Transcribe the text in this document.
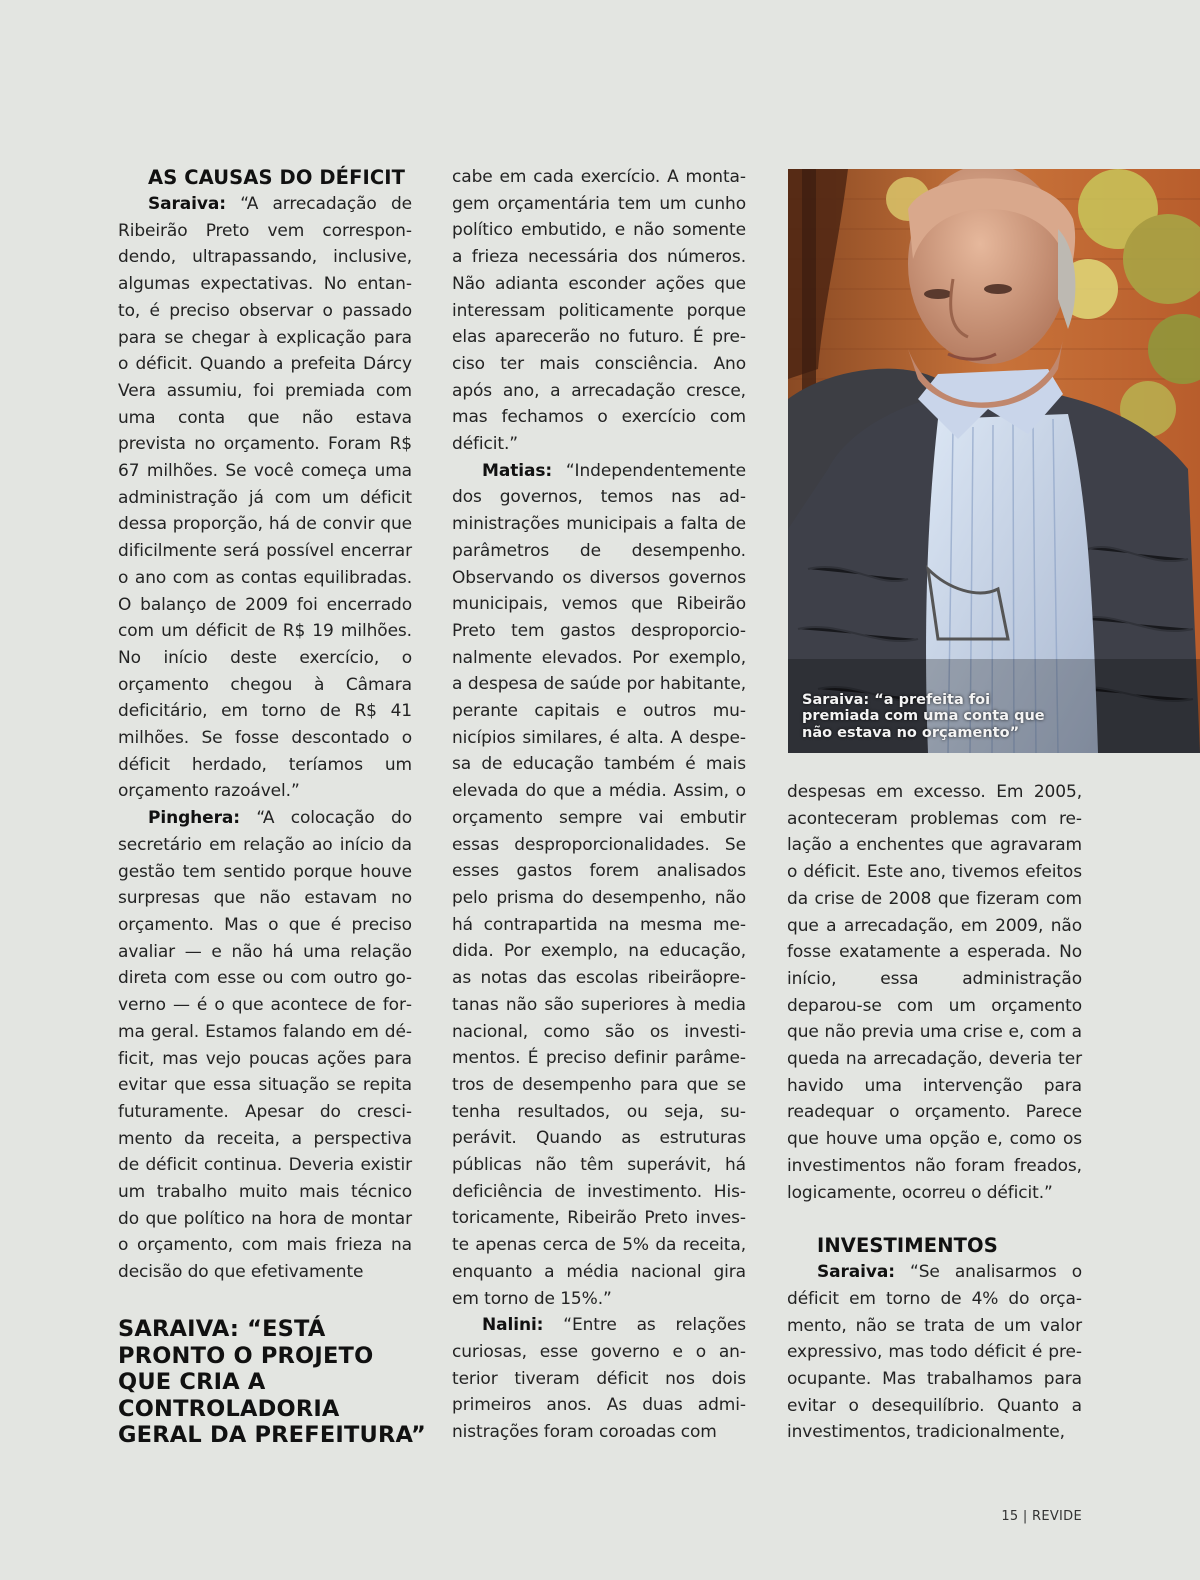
AS CAUSAS DO DÉFICIT

Saraiva: “A arrecadação de Ribeirão Preto vem correspondendo, ultrapassando, inclusive, algumas expectativas. No entanto, é preciso observar o passado para se chegar à explicação para o déficit. Quando a prefeita Dárcy Vera assumiu, foi premiada com uma conta que não estava prevista no orçamento. Foram R$ 67 milhões. Se você começa uma administração já com um déficit dessa proporção, há de convir que dificilmente será possível encerrar o ano com as contas equilibradas. O balanço de 2009 foi encerrado com um déficit de R$ 19 milhões. No início deste exercício, o orçamento chegou à Câmara deficitário, em torno de R$ 41 milhões. Se fosse descontado o déficit herdado, teríamos um orçamento razoável.”

Pinghera: “A colocação do secretário em relação ao início da gestão tem sentido porque houve surpresas que não estavam no orçamento. Mas o que é preciso avaliar — e não há uma relação direta com esse ou com outro governo — é o que acontece de forma geral. Estamos falando em déficit, mas vejo poucas ações para evitar que essa situação se repita futuramente. Apesar do crescimento da receita, a perspectiva de déficit continua. Deveria existir um trabalho muito mais técnico do que político na hora de montar o orçamento, com mais frieza na decisão do que efetivamente

SARAIVA: “ESTÁ PRONTO O PROJETO QUE CRIA A CONTROLADORIA GERAL DA PREFEITURA”

cabe em cada exercício. A montagem orçamentária tem um cunho político embutido, e não somente a frieza necessária dos números. Não adianta esconder ações que interessam politicamente porque elas aparecerão no futuro. É preciso ter mais consciência. Ano após ano, a arrecadação cresce, mas fechamos o exercício com déficit.”

Matias: “Independentemente dos governos, temos nas administrações municipais a falta de parâmetros de desempenho. Observando os diversos governos municipais, vemos que Ribeirão Preto tem gastos desproporcionalmente elevados. Por exemplo, a despesa de saúde por habitante, perante capitais e outros municípios similares, é alta. A despesa de educação também é mais elevada do que a média. Assim, o orçamento sempre vai embutir essas desproporcionalidades. Se esses gastos forem analisados pelo prisma do desempenho, não há contrapartida na mesma medida. Por exemplo, na educação, as notas das escolas ribeirãopretanas não são superiores à media nacional, como são os investimentos. É preciso definir parâmetros de desempenho para que se tenha resultados, ou seja, superávit. Quando as estruturas públicas não têm superávit, há deficiência de investimento. Historicamente, Ribeirão Preto investe apenas cerca de 5% da receita, enquanto a média nacional gira em torno de 15%.”

Nalini: “Entre as relações curiosas, esse governo e o anterior tiveram déficit nos dois primeiros anos. As duas administrações foram coroadas com

Saraiva: “a prefeita foi premiada com uma conta que não estava no orçamento”

despesas em excesso. Em 2005, aconteceram problemas com relação a enchentes que agravaram o déficit. Este ano, tivemos efeitos da crise de 2008 que fizeram com que a arrecadação, em 2009, não fosse exatamente a esperada. No início, essa administração deparou-se com um orçamento que não previa uma crise e, com a queda na arrecadação, deveria ter havido uma intervenção para readequar o orçamento. Parece que houve uma opção e, como os investimentos não foram freados, logicamente, ocorreu o déficit.”

INVESTIMENTOS

Saraiva: “Se analisarmos o déficit em torno de 4% do orçamento, não se trata de um valor expressivo, mas todo déficit é preocupante. Mas trabalhamos para evitar o desequilíbrio. Quanto a investimentos, tradicionalmente,

15 | REVIDE
